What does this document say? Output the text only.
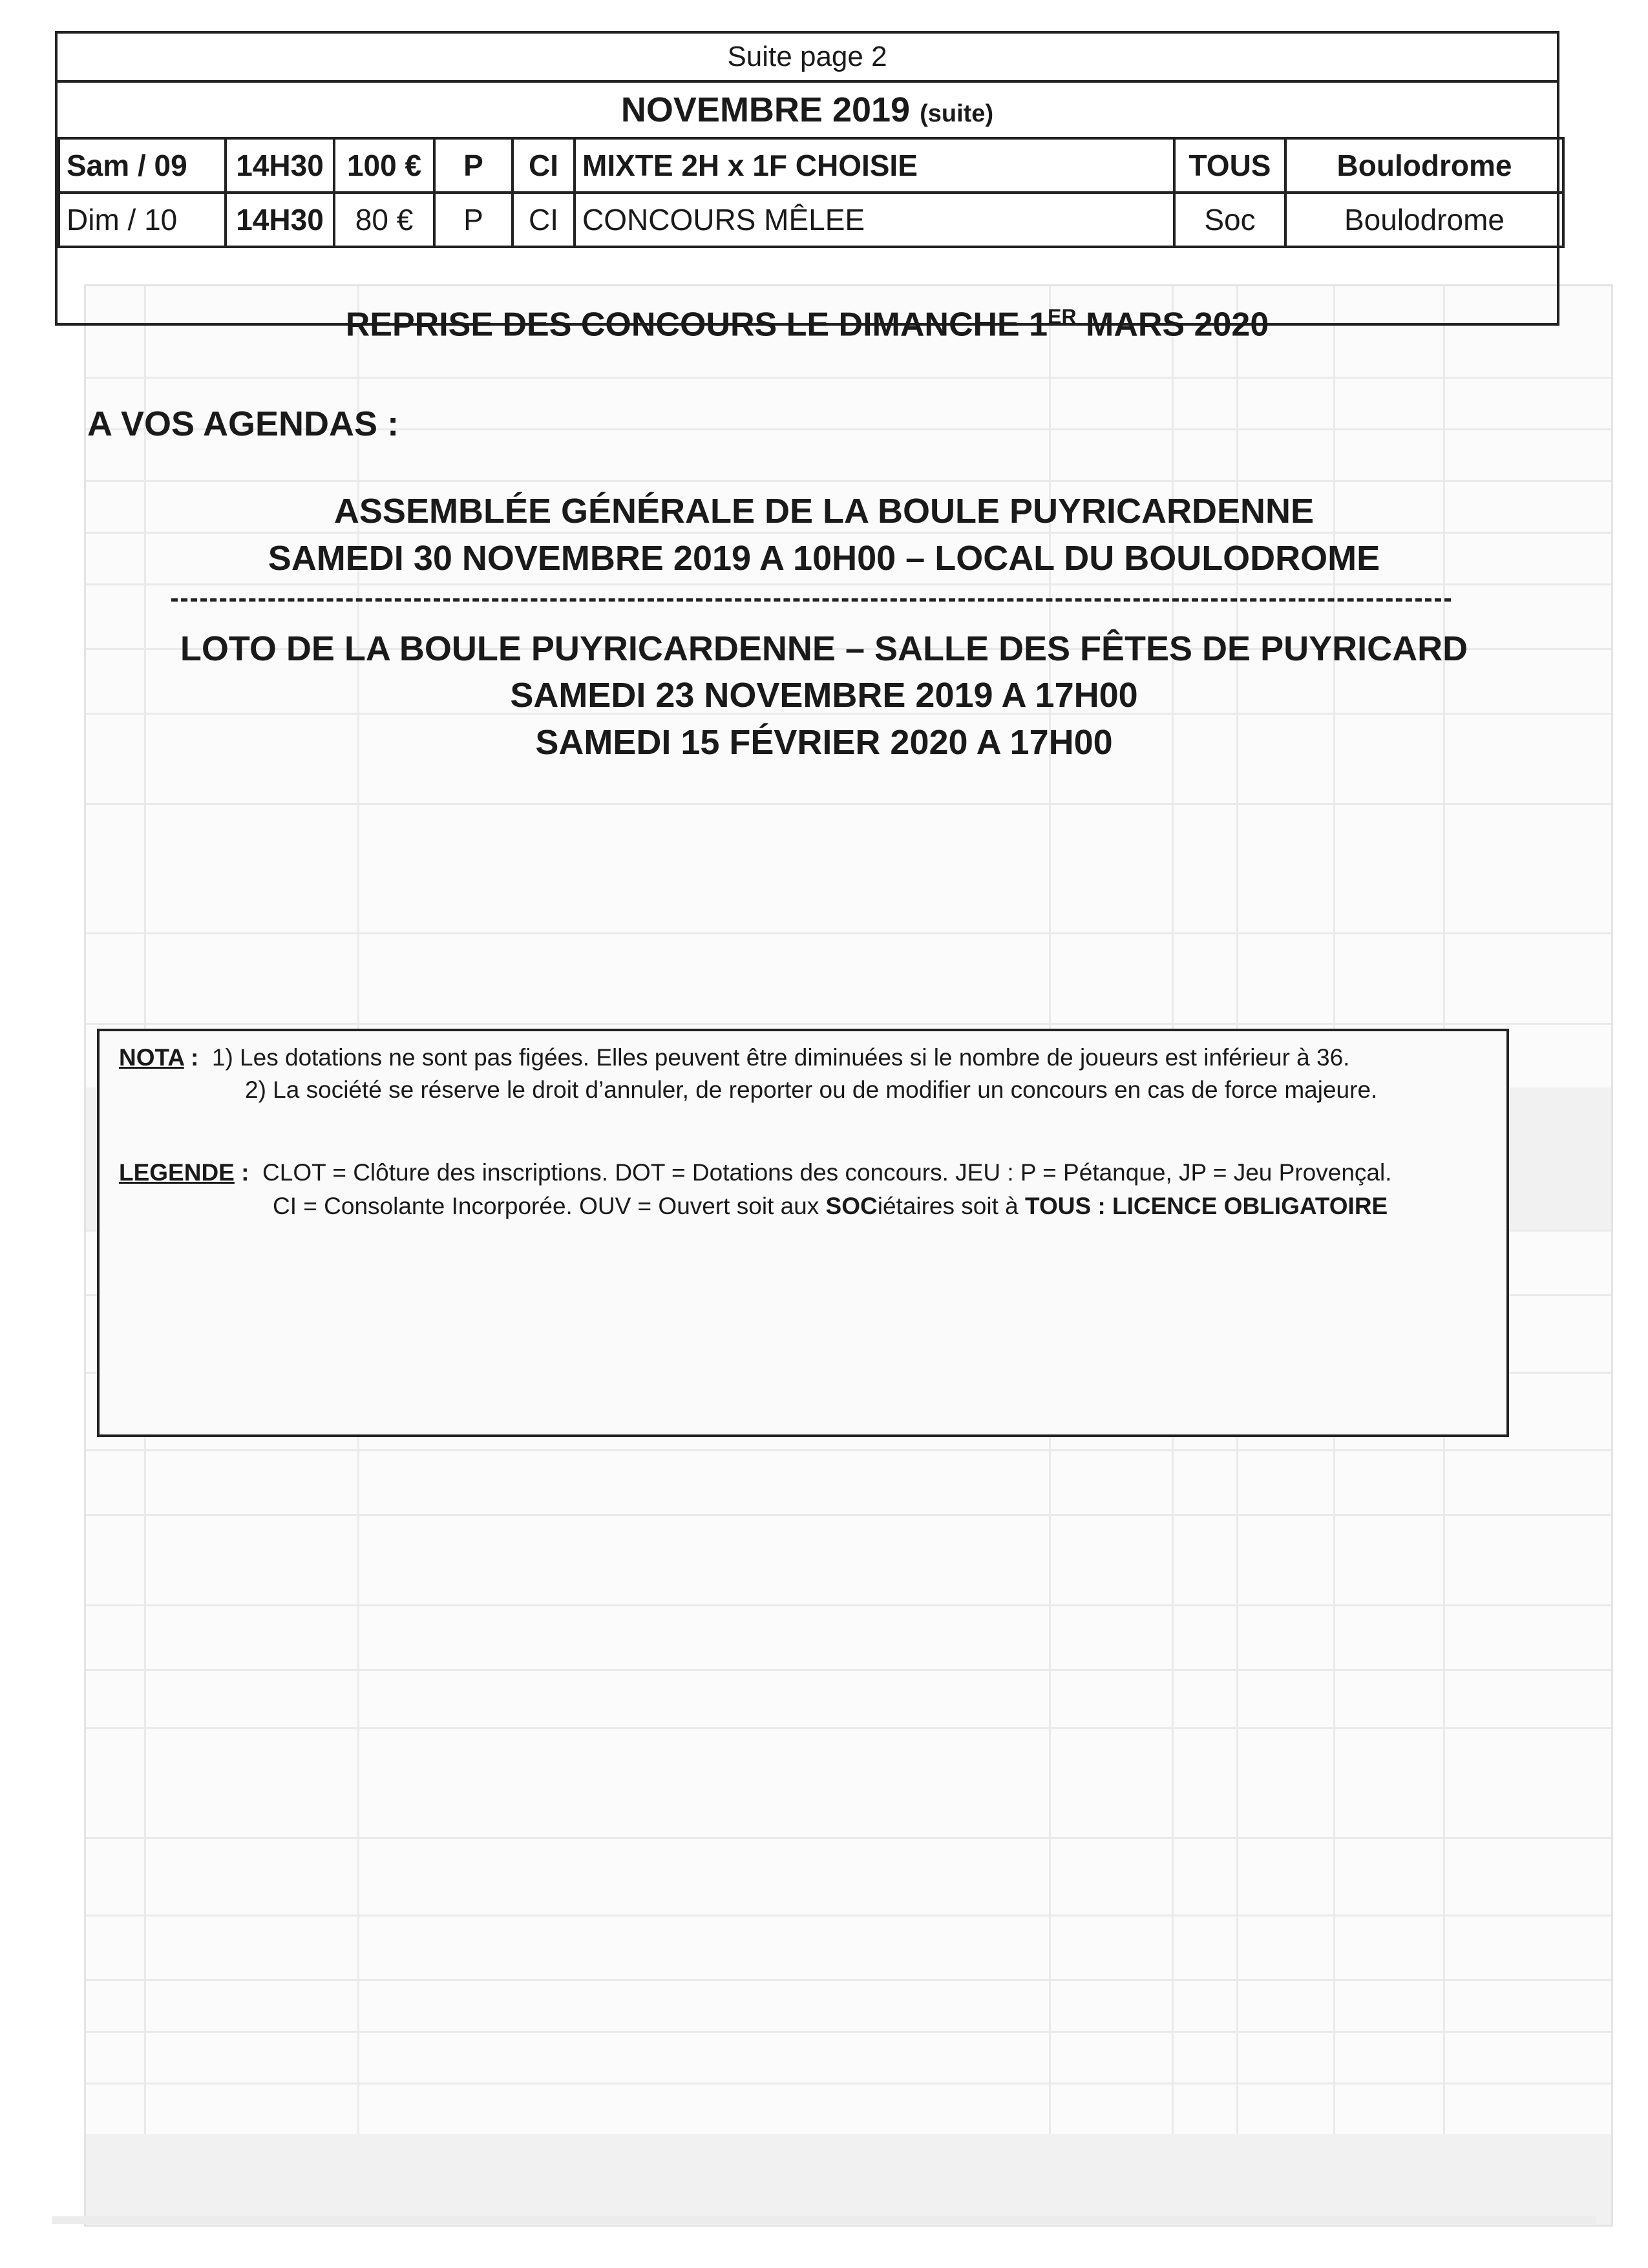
Suite page 2
NOVEMBRE 2019 (suite)
Sam / 09	14H30	100 €	P	CI	MIXTE 2H x 1F CHOISIE	TOUS	Boulodrome
Dim / 10	14H30	80 €	P	CI	CONCOURS MÊLEE	Soc	Boulodrome
REPRISE DES CONCOURS LE DIMANCHE 1ER MARS 2020
A VOS AGENDAS :
ASSEMBLÉE GÉNÉRALE DE LA BOULE PUYRICARDENNE
SAMEDI 30 NOVEMBRE 2019 A 10H00 – LOCAL DU BOULODROME
LOTO DE LA BOULE PUYRICARDENNE – SALLE DES FÊTES DE PUYRICARD
SAMEDI 23 NOVEMBRE 2019 A 17H00
SAMEDI 15 FÉVRIER 2020 A 17H00
NOTA : 1) Les dotations ne sont pas figées. Elles peuvent être diminuées si le nombre de joueurs est inférieur à 36.
2) La société se réserve le droit d’annuler, de reporter ou de modifier un concours en cas de force majeure.
LEGENDE : CLOT = Clôture des inscriptions. DOT = Dotations des concours. JEU : P = Pétanque, JP = Jeu Provençal.
CI = Consolante Incorporée. OUV = Ouvert soit aux SOCiétaires soit à TOUS : LICENCE OBLIGATOIRE
